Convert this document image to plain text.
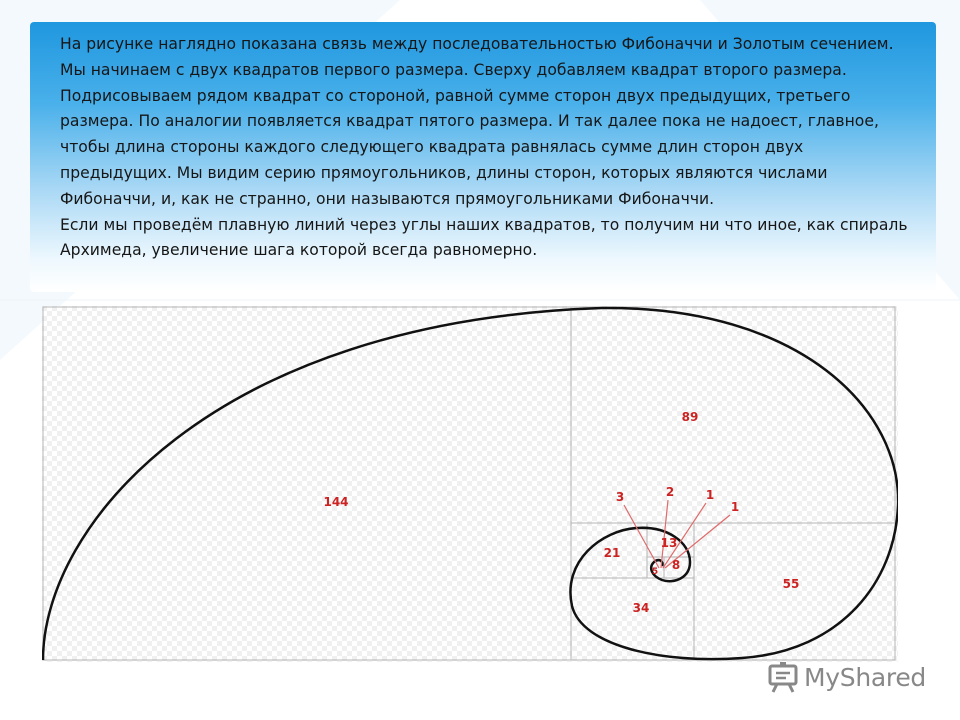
На рисунке наглядно показана связь между последовательностью Фибоначчи и Золотым сечением. Мы начинаем с двух квадратов первого размера. Сверху добавляем квадрат второго размера. Подрисовываем рядом квадрат со стороной, равной сумме сторон двух предыдущих, третьего размера. По аналогии появляется квадрат пятого размера. И так далее пока не надоест, главное, чтобы длина стороны каждого следующего квадрата равнялась сумме длин сторон двух предыдущих. Мы видим серию прямоугольников, длины сторон, которых являются числами Фибоначчи, и, как не странно, они называются прямоугольниками Фибоначчи.

Если мы проведём плавную линий через углы наших квадратов, то получим ни что иное, как спираль Архимеда, увеличение шага которой всегда равномерно.

144
89
55
34
21
13
8
5
3	2	1
1
MyShared
